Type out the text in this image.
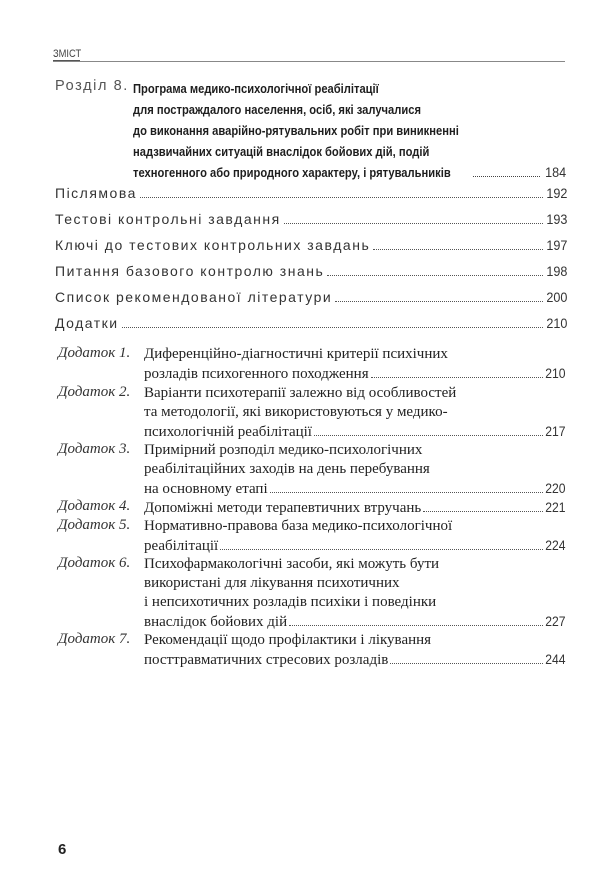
ЗМІСТ
Розділ 8. Програма медико-психологічної реабілітації
для постраждалого населення, осіб, які залучалися
до виконання аварійно-рятувальних робіт при виникненні
надзвичайних ситуацій внаслідок бойових дій, подій
техногенного або природного характеру, і рятувальників	184
Післямова	192
Тестові контрольні завдання	193
Ключі до тестових контрольних завдань	197
Питання базового контролю знань	198
Список рекомендованої літератури	200
Додатки	210
Додаток 1. Диференційно-діагностичні критерії психічних
розладів психогенного походження	210
Додаток 2. Варіанти психотерапії залежно від особливостей
та методології, які використовуються у медико-
психологічній реабілітації	217
Додаток 3. Примірний розподіл медико-психологічних
реабілітаційних заходів на день перебування
на основному етапі	220
Додаток 4. Допоміжні методи терапевтичних втручань	221
Додаток 5. Нормативно-правова база медико-психологічної
реабілітації	224
Додаток 6. Психофармакологічні засоби, які можуть бути
використані для лікування психотичних
і непсихотичних розладів психіки і поведінки
внаслідок бойових дій	227
Додаток 7. Рекомендації щодо профілактики і лікування
посттравматичних стресових розладів	244
6
